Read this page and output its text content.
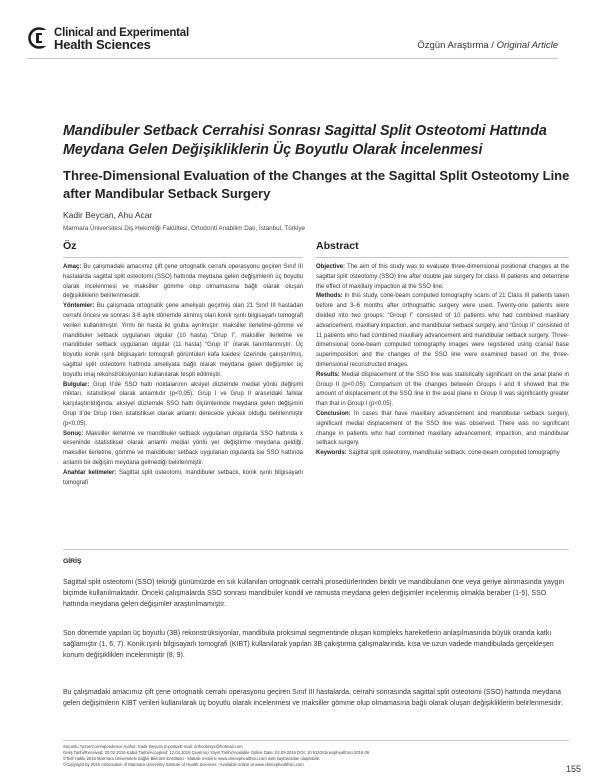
Clinical and Experimental
Health Sciences	Özgün Araştırma / Original Article
Mandibuler Setback Cerrahisi Sonrası Sagittal Split Osteotomi Hattında Meydana Gelen Değişikliklerin Üç Boyutlu Olarak İncelenmesi
Three-Dimensional Evaluation of the Changes at the Sagittal Split Osteotomy Line after Mandibular Setback Surgery
Kadir Beycan, Ahu Acar
Marmara Üniversitesi Diş Hekimliği Fakültesi, Ortodonti Anabilim Dalı, İstanbul, Türkiye
Öz

Amaç: Bu çalışmadaki amacımız çift çene ortognatik cerrahi operasyonu geçiren Sınıf III hastalarda sagittal split osteotomi (SSO) hattında meydana gelen değişimlerin üç boyutlu olarak incelenmesi ve maksiller gömme olup olmamasına bağlı olarak oluşan değişikliklerin belirlenmesidir.

Yöntemler: Bu çalışmada ortognatik çene ameliyatı geçirmiş olan 21 Sınıf III hastadan cerrahi öncesi ve sonrası 3-6 aylık dönemde alınmış olan konik ışınlı bilgisayarlı tomografi verileri kullanılmıştır. Yirmi bir hasta iki gruba ayrılmıştır: maksiller ilerletme-gömme ve mandibuler setback uygulanan olgular (10 hasta) “Grup I”, maksiller ilerletme ve mandibuler setback uygulanan olgular (11 hasta) “Grup II” olarak tanımlanmıştır. Üç boyutlu konik ışınlı bilgisayarlı tomografi görüntüleri kafa kaidesi üzerinde çakıştırılmış, sagittal split osteotomi hattında ameliyata bağlı olarak meydana gelen değişimler üç boyutlu imaj rekonstrüksiyonları kullanılarak tespit edilmiştir.

Bulgular: Grup II’de SSO hattı noktalarının aksiyel düzlemde medial yönlü değişimi miktarı, istatistiksel olarak anlamlıdır (p<0,05). Grup I ve Grup II arasındaki farklar karşılaştırıldığında, aksiyel düzlemde SSO hattı ölçümlerinde meydana gelen değişimin Grup II’de Grup I’den istatistiksel olarak anlamlı derecede yüksek olduğu belirlenmiştir (p<0,05).

Sonuç: Maksiller ilerletme ve mandibuler setback uygulanan olgularda SSO hattında x ekseninde istatistiksel olarak anlamlı medial yönlü yer değiştirme meydana geldiği, maksiller ilerletme, gömme ve mandibuler setback uygulanan olgularda ise SSO hattında anlamlı bir değişim meydana gelmediği belirlenmiştir.

Anahtar kelimeler: Sagittal split osteotomi, mandibuler setback, konik ışınlı bilgisayarlı tomografi

Abstract

Objective: The aim of this study was to evaluate three-dimensional positional changes at the sagittal split osteotomy (SSO) line after double jaw surgery for class III patients and determine the effect of maxillary impaction at the SSO line.

Methods: In this study, cone-beam computed tomography scans of 21 Class III patients taken before and 3–6 months after orthognathic surgery were used. Twenty-one patients were divided into two groups: “Group I” consisted of 10 patients who had combined maxillary advancement, maxillary impaction, and mandibular setback surgery, and “Group II” consisted of 11 patients who had combined maxillary advancement and mandibular setback surgery. Three-dimensional cone-beam computed tomography images were registered using cranial base superimposition and the changes of the SSO line were examined based on the three-dimensional reconstructed images.

Results: Medial displacement of the SSO line was statistically significant on the axial plane in Group II (p<0.05). Comparison of the changes between Groups I and II showed that the amount of displacement of the SSO line in the axial plane in Group II was significantly greater than that in Group I (p<0.05).

Conclusion: In cases that have maxillary advancement and mandibular setback surgery, significant medial displacement of the SSO line was observed. There was no significant change in patients who had combined maxillary advancement, impaction, and mandibular setback surgery.

Keywords: Sagittal split osteotomy, mandibular setback, cone-beam computed tomography

GİRİŞ

Sagittal split osteotomi (SSO) tekniği günümüzde en sık kullanılan ortognatik cerrahi prosedürlerinden biridir ve mandibulanın öne veya geriye alınmasında yaygın biçimde kullanılmaktadır. Önceki çalışmalarda SSO sonrası mandibuler kondil ve ramusta meydana gelen değişimler incelenmiş olmakla beraber (1-5), SSO hattında meydana gelen değişimler araştırılmamıştır.

Son dönemde yapılan üç boyutlu (3B) rekonstrüksiyonlar, mandibula proksimal segmentinde oluşan kompleks hareketlerin anlaşılmasında büyük oranda katkı sağlamıştır (1, 6, 7). Konik ışınlı bilgisayarlı tomografi (KIBT) kullanılarak yapılan 3B çakıştırma çalışmalarında, kısa ve uzun vadede mandibulada gerçekleşen konum değişiklikleri incelenmiştir (8, 9).

Bu çalışmadaki amacımız çift çene ortognatik cerrahi operasyonu geçiren Sınıf III hastalarda, cerrahi sonrasında sagittal split osteotomi (SSO) hattında meydana gelen değişimlerin KIBT verileri kullanılarak üç boyutlu olarak incelenmesi ve maksiller gömme olup olmamasına bağlı olarak oluşan değişikliklerin belirlenmesidir.

Sorumlu Yazar/Correspondence Author: Kadir Beycan E-posta/E-mail: orthodontyx@hotmail.com

Geliş Tarihi/Received: 20.02.2016 Kabul Tarihi/Accepted: 12.04.2016 Çevrimiçi Yayın Tarihi/Available Online Date: 02.09.2016 DOI: 10.5152/clinexphealthsci.2016.09

©Telif Hakkı 2016 Marmara Üniversitesi Sağlık Bilimleri Enstitüsü - Makale metnine www.clinexphealthsci.com web sayfasından ulaşılabilir.

©Copyright by 2016 Association of Marmara University Institute of Health Sciences - Available online at www.clinexphealthsci.com	155
